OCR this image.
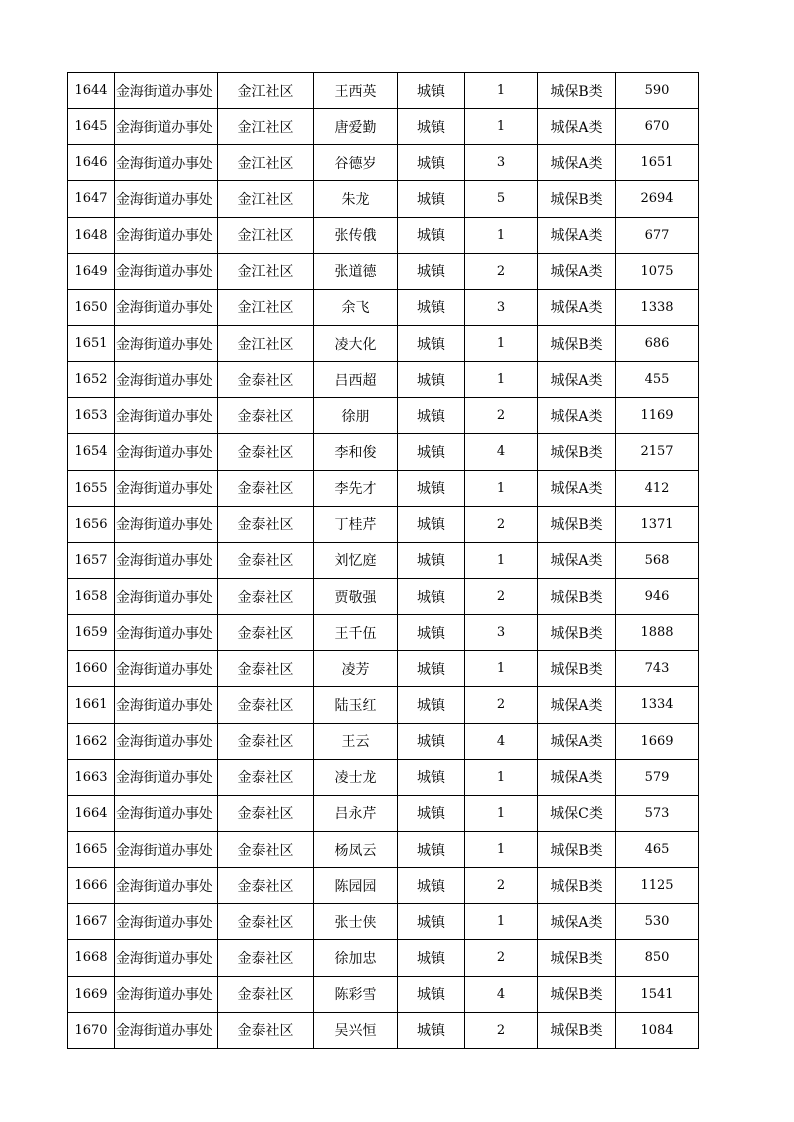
1644	金海街道办事处	金江社区	王西英	城镇	1	城保B类	590
1645	金海街道办事处	金江社区	唐爱勤	城镇	1	城保A类	670
1646	金海街道办事处	金江社区	谷德岁	城镇	3	城保A类	1651
1647	金海街道办事处	金江社区	朱龙	城镇	5	城保B类	2694
1648	金海街道办事处	金江社区	张传俄	城镇	1	城保A类	677
1649	金海街道办事处	金江社区	张道德	城镇	2	城保A类	1075
1650	金海街道办事处	金江社区	余飞	城镇	3	城保A类	1338
1651	金海街道办事处	金江社区	凌大化	城镇	1	城保B类	686
1652	金海街道办事处	金泰社区	吕西超	城镇	1	城保A类	455
1653	金海街道办事处	金泰社区	徐朋	城镇	2	城保A类	1169
1654	金海街道办事处	金泰社区	李和俊	城镇	4	城保B类	2157
1655	金海街道办事处	金泰社区	李先才	城镇	1	城保A类	412
1656	金海街道办事处	金泰社区	丁桂芹	城镇	2	城保B类	1371
1657	金海街道办事处	金泰社区	刘忆庭	城镇	1	城保A类	568
1658	金海街道办事处	金泰社区	贾敬强	城镇	2	城保B类	946
1659	金海街道办事处	金泰社区	王千伍	城镇	3	城保B类	1888
1660	金海街道办事处	金泰社区	凌芳	城镇	1	城保B类	743
1661	金海街道办事处	金泰社区	陆玉红	城镇	2	城保A类	1334
1662	金海街道办事处	金泰社区	王云	城镇	4	城保A类	1669
1663	金海街道办事处	金泰社区	凌士龙	城镇	1	城保A类	579
1664	金海街道办事处	金泰社区	吕永芹	城镇	1	城保C类	573
1665	金海街道办事处	金泰社区	杨凤云	城镇	1	城保B类	465
1666	金海街道办事处	金泰社区	陈园园	城镇	2	城保B类	1125
1667	金海街道办事处	金泰社区	张士侠	城镇	1	城保A类	530
1668	金海街道办事处	金泰社区	徐加忠	城镇	2	城保B类	850
1669	金海街道办事处	金泰社区	陈彩雪	城镇	4	城保B类	1541
1670	金海街道办事处	金泰社区	吴兴恒	城镇	2	城保B类	1084
